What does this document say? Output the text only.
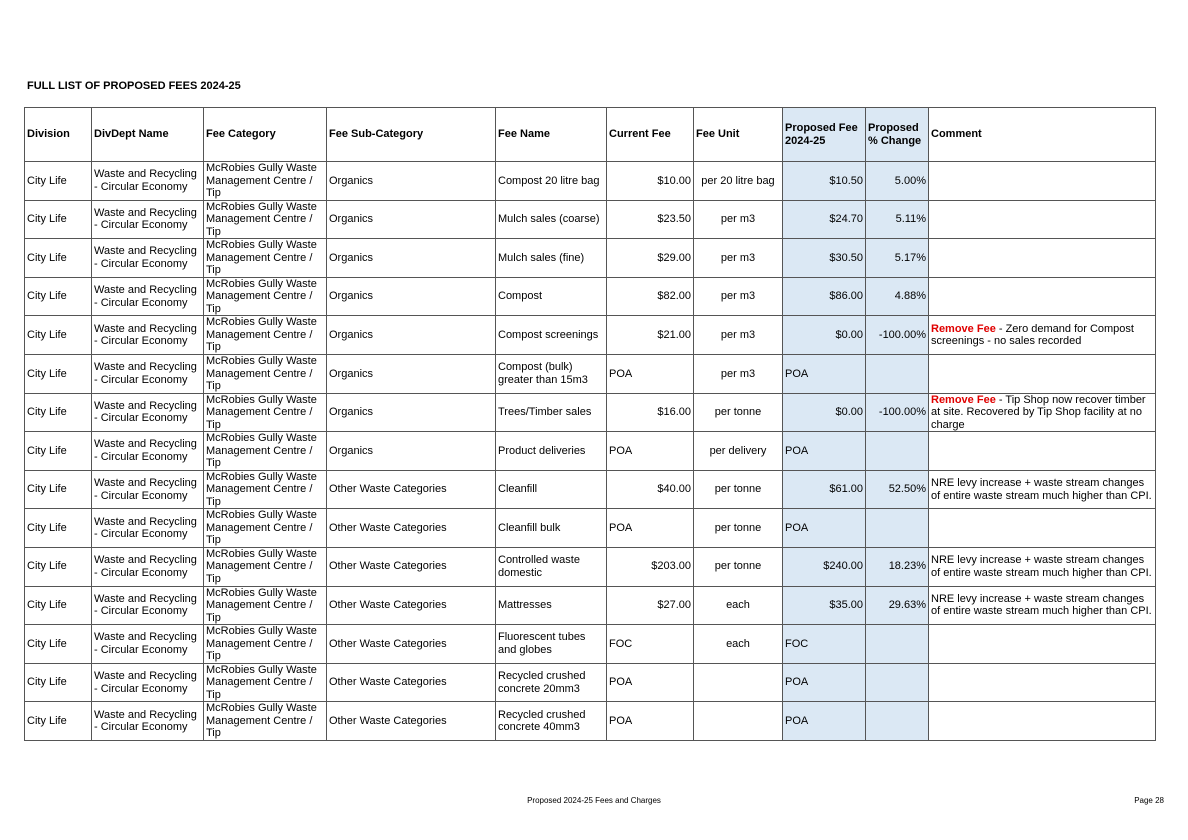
FULL LIST OF PROPOSED FEES 2024-25
Division	DivDept Name	Fee Category	Fee Sub-Category	Fee Name	Current Fee	Fee Unit	Proposed Fee 2024-25	Proposed % Change	Comment
City Life	Waste and Recycling - Circular Economy	McRobies Gully Waste Management Centre / Tip	Organics	Compost 20 litre bag	$10.00	per 20 litre bag	$10.50	5.00%	
City Life	Waste and Recycling - Circular Economy	McRobies Gully Waste Management Centre / Tip	Organics	Mulch sales (coarse)	$23.50	per m3	$24.70	5.11%	
City Life	Waste and Recycling - Circular Economy	McRobies Gully Waste Management Centre / Tip	Organics	Mulch sales (fine)	$29.00	per m3	$30.50	5.17%	
City Life	Waste and Recycling - Circular Economy	McRobies Gully Waste Management Centre / Tip	Organics	Compost	$82.00	per m3	$86.00	4.88%	
City Life	Waste and Recycling - Circular Economy	McRobies Gully Waste Management Centre / Tip	Organics	Compost screenings	$21.00	per m3	$0.00	-100.00%	Remove Fee - Zero demand for Compost screenings - no sales recorded
City Life	Waste and Recycling - Circular Economy	McRobies Gully Waste Management Centre / Tip	Organics	Compost (bulk) greater than 15m3	POA	per m3	POA		
City Life	Waste and Recycling - Circular Economy	McRobies Gully Waste Management Centre / Tip	Organics	Trees/Timber sales	$16.00	per tonne	$0.00	-100.00%	Remove Fee - Tip Shop now recover timber at site. Recovered by Tip Shop facility at no charge
City Life	Waste and Recycling - Circular Economy	McRobies Gully Waste Management Centre / Tip	Organics	Product deliveries	POA	per delivery	POA		
City Life	Waste and Recycling - Circular Economy	McRobies Gully Waste Management Centre / Tip	Other Waste Categories	Cleanfill	$40.00	per tonne	$61.00	52.50%	NRE levy increase + waste stream changes of entire waste stream much higher than CPI.
City Life	Waste and Recycling - Circular Economy	McRobies Gully Waste Management Centre / Tip	Other Waste Categories	Cleanfill bulk	POA	per tonne	POA		
City Life	Waste and Recycling - Circular Economy	McRobies Gully Waste Management Centre / Tip	Other Waste Categories	Controlled waste domestic	$203.00	per tonne	$240.00	18.23%	NRE levy increase + waste stream changes of entire waste stream much higher than CPI.
City Life	Waste and Recycling - Circular Economy	McRobies Gully Waste Management Centre / Tip	Other Waste Categories	Mattresses	$27.00	each	$35.00	29.63%	NRE levy increase + waste stream changes of entire waste stream much higher than CPI.
City Life	Waste and Recycling - Circular Economy	McRobies Gully Waste Management Centre / Tip	Other Waste Categories	Fluorescent tubes and globes	FOC	each	FOC		
City Life	Waste and Recycling - Circular Economy	McRobies Gully Waste Management Centre / Tip	Other Waste Categories	Recycled crushed concrete 20mm3	POA		POA		
City Life	Waste and Recycling - Circular Economy	McRobies Gully Waste Management Centre / Tip	Other Waste Categories	Recycled crushed concrete 40mm3	POA		POA		
Proposed 2024-25 Fees and Charges	Page 28
